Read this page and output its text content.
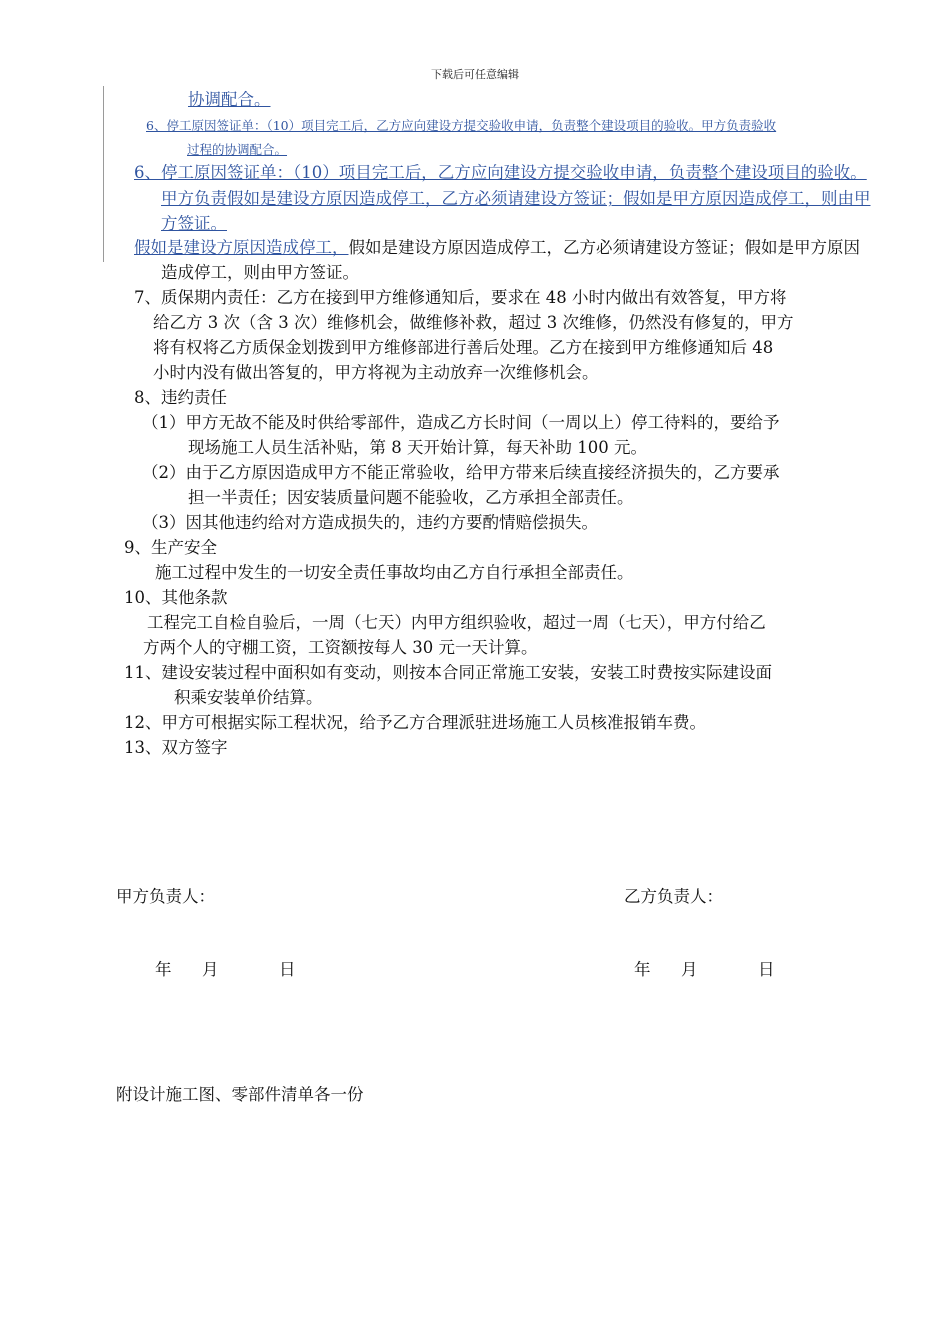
下载后可任意编辑
协调配合。
6、停工原因签证单：（10）项目完工后，乙方应向建设方提交验收申请，负责整个建设项目的验收。甲方负责验收
过程的协调配合。
6、停工原因签证单：（10）项目完工后，乙方应向建设方提交验收申请，负责整个建设项目的验收。
甲方负责假如是建设方原因造成停工，乙方必须请建设方签证；假如是甲方原因造成停工，则由甲
方签证。
假如是建设方原因造成停工，假如是建设方原因造成停工，乙方必须请建设方签证；假如是甲方原因
造成停工，则由甲方签证。
7、质保期内责任：乙方在接到甲方维修通知后，要求在 48 小时内做出有效答复，甲方将
给乙方 3 次（含 3 次）维修机会，做维修补救，超过 3 次维修，仍然没有修复的，甲方
将有权将乙方质保金划拨到甲方维修部进行善后处理。乙方在接到甲方维修通知后 48
小时内没有做出答复的，甲方将视为主动放弃一次维修机会。
8、违约责任
（1）甲方无故不能及时供给零部件，造成乙方长时间（一周以上）停工待料的，要给予
现场施工人员生活补贴，第 8 天开始计算，每天补助 100 元。
（2）由于乙方原因造成甲方不能正常验收，给甲方带来后续直接经济损失的，乙方要承
担一半责任；因安装质量问题不能验收，乙方承担全部责任。
（3）因其他违约给对方造成损失的，违约方要酌情赔偿损失。
9、生产安全
施工过程中发生的一切安全责任事故均由乙方自行承担全部责任。
10、其他条款
工程完工自检自验后，一周（七天）内甲方组织验收，超过一周（七天），甲方付给乙
方两个人的守棚工资，工资额按每人 30 元一天计算。
11、建设安装过程中面积如有变动，则按本合同正常施工安装，安装工时费按实际建设面
积乘安装单价结算。
12、甲方可根据实际工程状况，给予乙方合理派驻进场施工人员核准报销车费。
13、双方签字
甲方负责人：	乙方负责人：
年 月	日	年 月	日
附设计施工图、零部件清单各一份
